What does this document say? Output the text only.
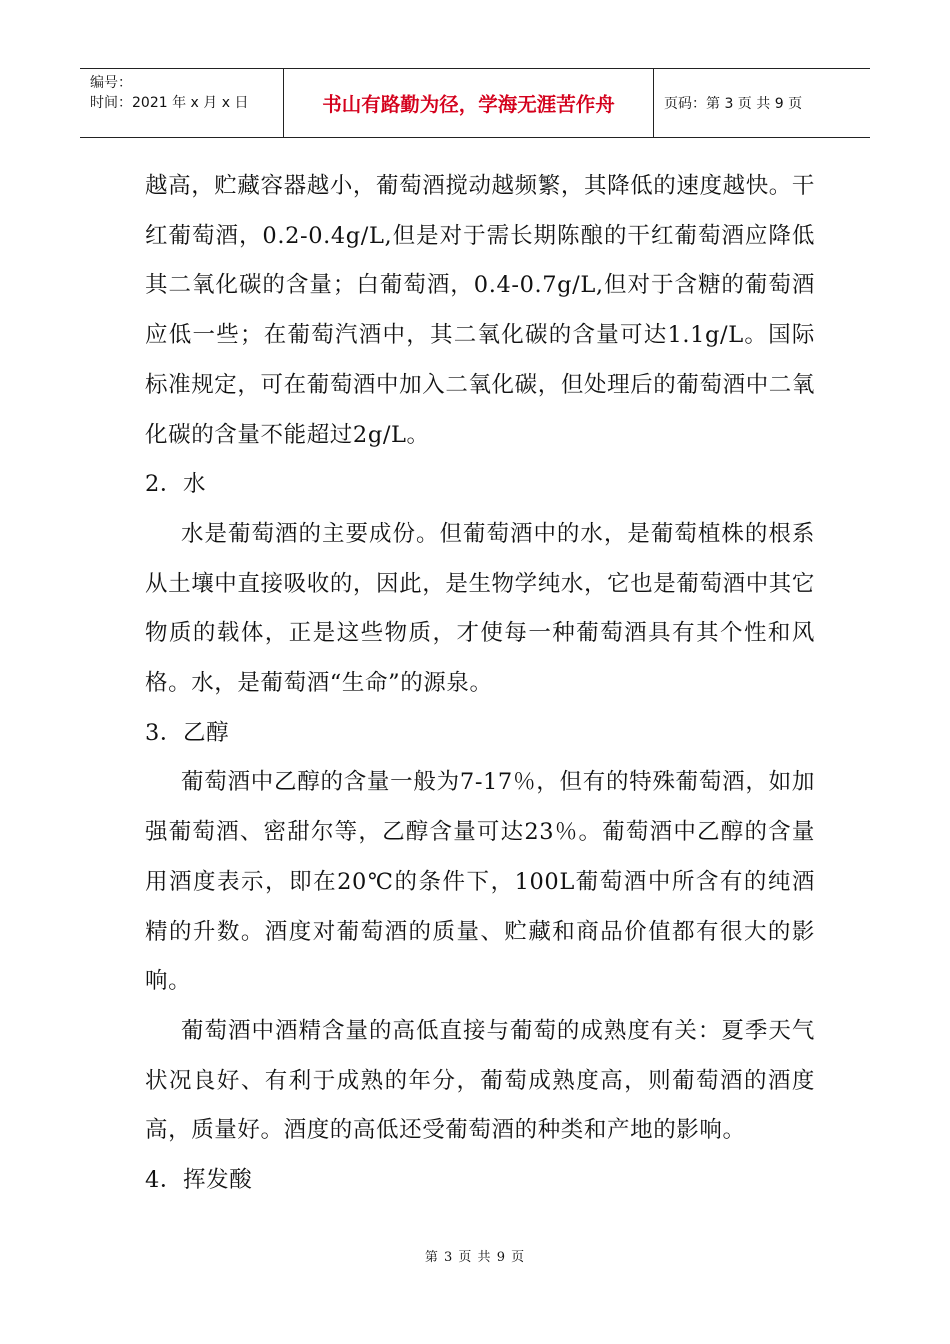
编号：
时间：2021 年 x 月 x 日	书山有路勤为径，学海无涯苦作舟	页码：第 3 页 共 9 页

越高，贮藏容器越小，葡萄酒搅动越频繁，其降低的速度越快。干红葡萄酒，0.2-0.4g/L,但是对于需长期陈酿的干红葡萄酒应降低其二氧化碳的含量；白葡萄酒，0.4-0.7g/L,但对于含糖的葡萄酒应低一些；在葡萄汽酒中，其二氧化碳的含量可达1.1g/L。国际标准规定，可在葡萄酒中加入二氧化碳，但处理后的葡萄酒中二氧化碳的含量不能超过2g/L。

2．水

水是葡萄酒的主要成份。但葡萄酒中的水，是葡萄植株的根系从土壤中直接吸收的，因此，是生物学纯水，它也是葡萄酒中其它物质的载体，正是这些物质，才使每一种葡萄酒具有其个性和风格。水，是葡萄酒“生命”的源泉。

3．乙醇

葡萄酒中乙醇的含量一般为7-17％，但有的特殊葡萄酒，如加强葡萄酒、密甜尔等，乙醇含量可达23％。葡萄酒中乙醇的含量用酒度表示，即在20℃的条件下，100L葡萄酒中所含有的纯酒精的升数。酒度对葡萄酒的质量、贮藏和商品价值都有很大的影响。

葡萄酒中酒精含量的高低直接与葡萄的成熟度有关：夏季天气状况良好、有利于成熟的年分，葡萄成熟度高，则葡萄酒的酒度高，质量好。酒度的高低还受葡萄酒的种类和产地的影响。

4．挥发酸

第 3 页 共 9 页
